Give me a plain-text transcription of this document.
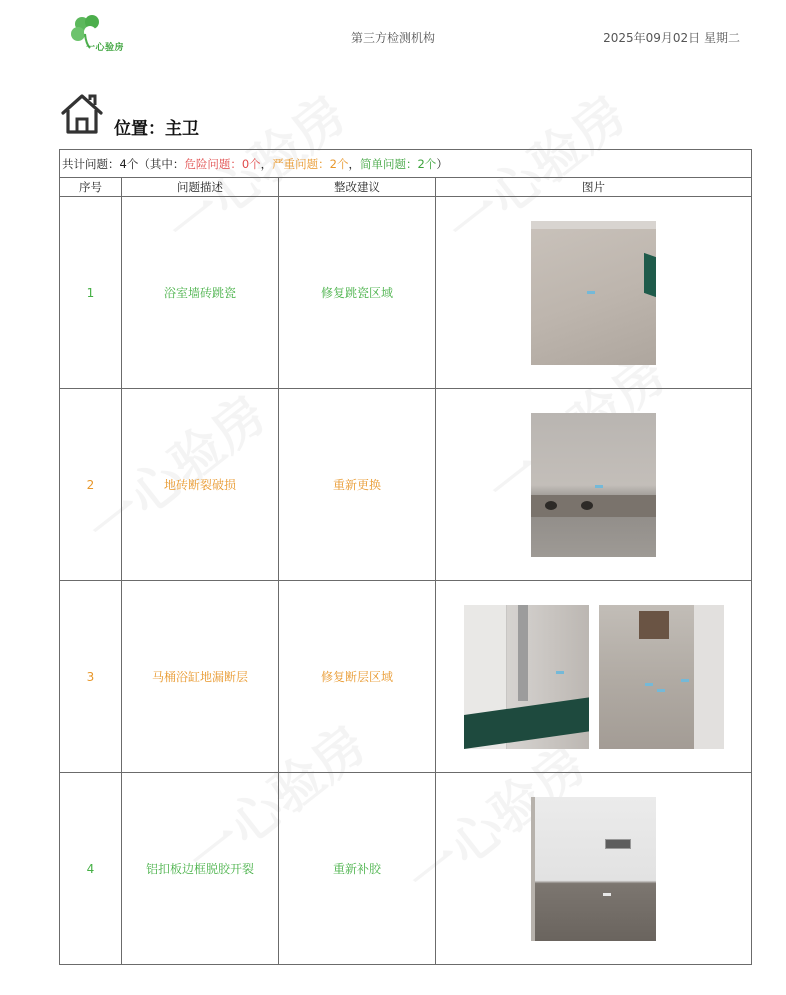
一心验房
第三方检测机构	2025年09月02日 星期二
位置：主卫
共计问题：4个（其中：危险问题：0个，严重问题：2个，简单问题：2个）			
序号	问题描述	整改建议	图片
1	浴室墙砖跳瓷	修复跳瓷区域	

2	地砖断裂破损	重新更换	

3	马桶浴缸地漏断层	修复断层区域	

4	铝扣板边框脱胶开裂	重新补胶	
